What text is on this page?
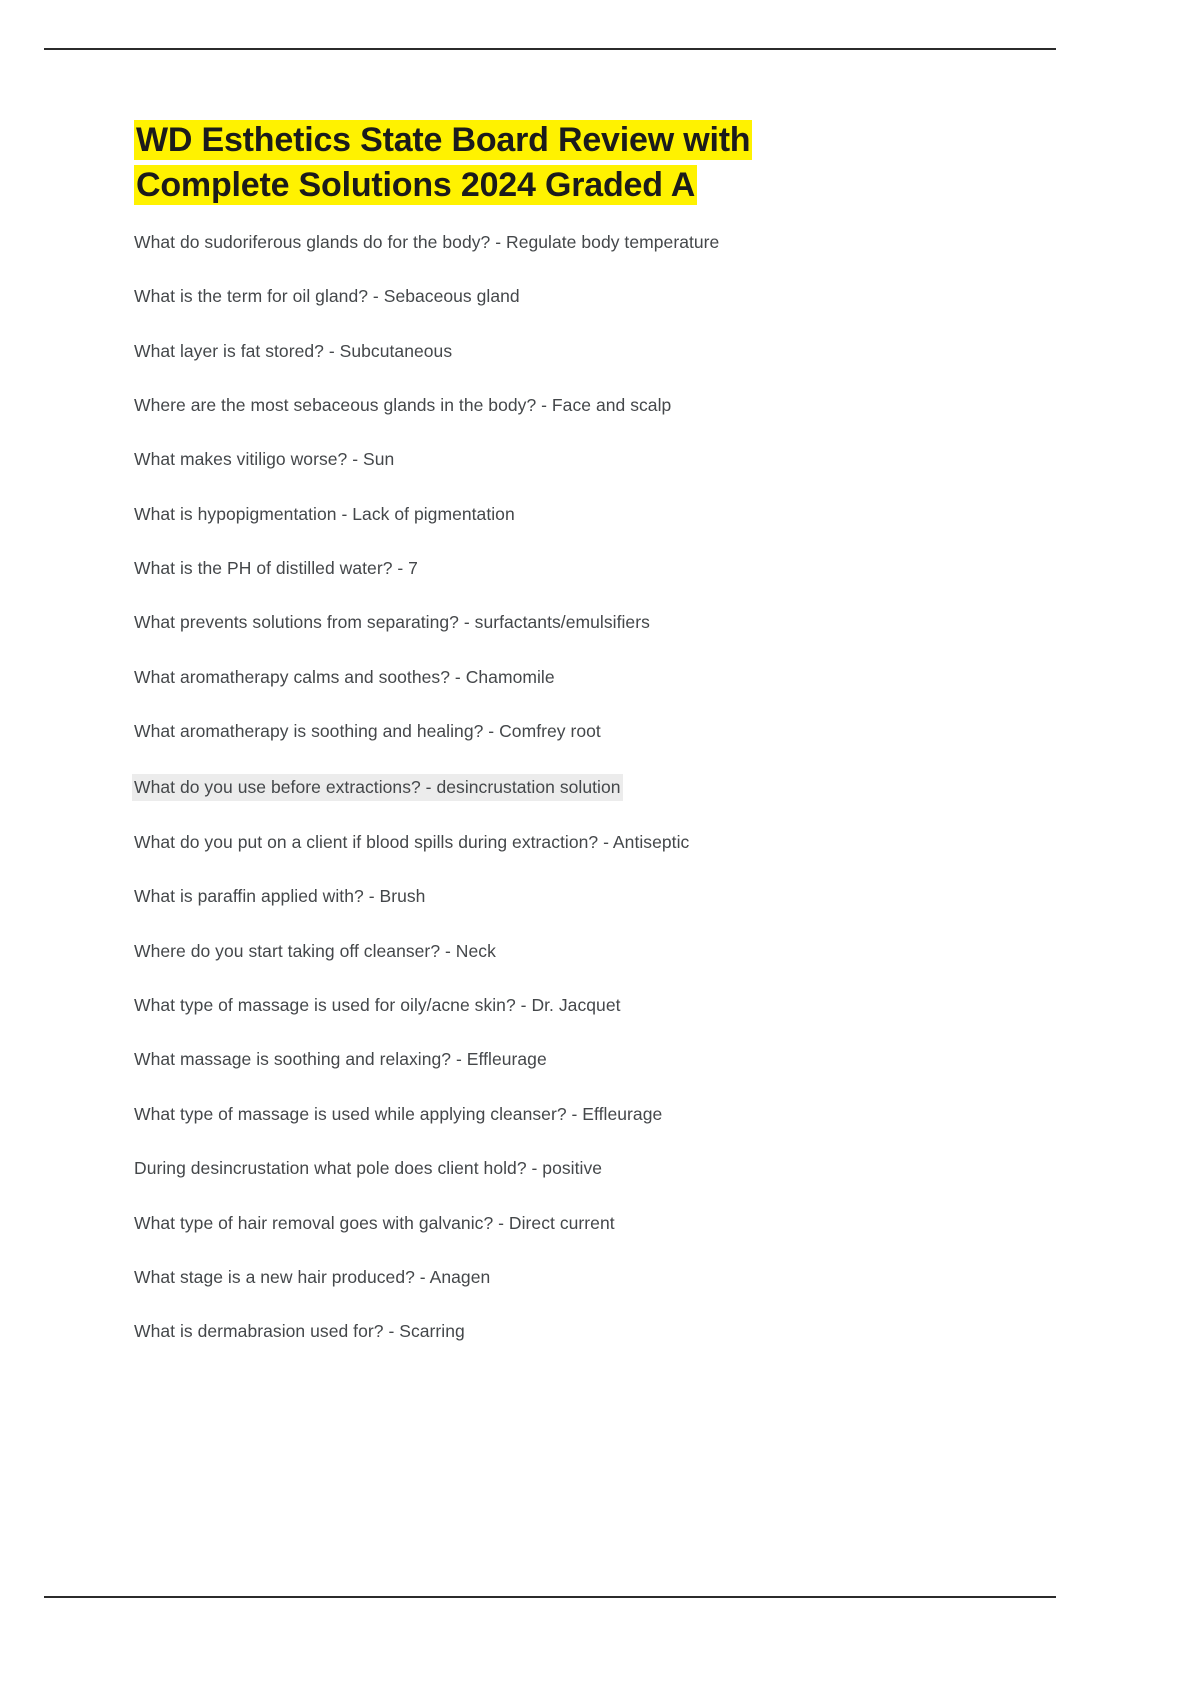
WD Esthetics State Board Review with
Complete Solutions 2024 Graded A
What do sudoriferous glands do for the body? - Regulate body temperature
What is the term for oil gland? - Sebaceous gland
What layer is fat stored? - Subcutaneous
Where are the most sebaceous glands in the body? - Face and scalp
What makes vitiligo worse? - Sun
What is hypopigmentation - Lack of pigmentation
What is the PH of distilled water? - 7
What prevents solutions from separating? - surfactants/emulsifiers
What aromatherapy calms and soothes? - Chamomile
What aromatherapy is soothing and healing? - Comfrey root
What do you use before extractions? - desincrustation solution
What do you put on a client if blood spills during extraction? - Antiseptic
What is paraffin applied with? - Brush
Where do you start taking off cleanser? - Neck
What type of massage is used for oily/acne skin? - Dr. Jacquet
What massage is soothing and relaxing? - Effleurage
What type of massage is used while applying cleanser? - Effleurage
During desincrustation what pole does client hold? - positive
What type of hair removal goes with galvanic? - Direct current
What stage is a new hair produced? - Anagen
What is dermabrasion used for? - Scarring
